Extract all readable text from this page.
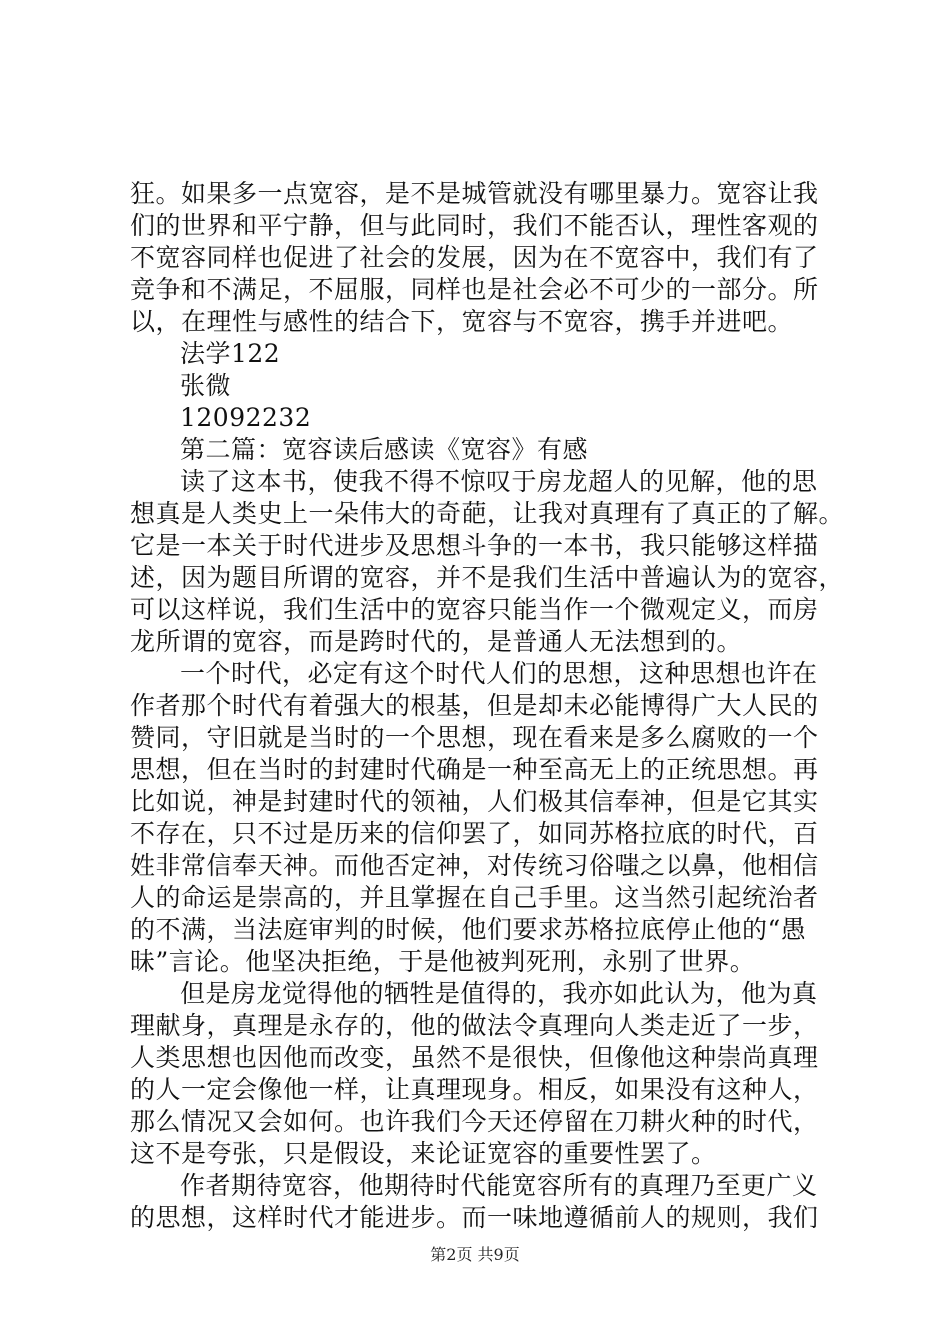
狂。如果多一点宽容，是不是城管就没有哪里暴力。宽容让我
们的世界和平宁静，但与此同时，我们不能否认，理性客观的
不宽容同样也促进了社会的发展，因为在不宽容中，我们有了
竞争和不满足，不屈服，同样也是社会必不可少的一部分。所
以，在理性与感性的结合下，宽容与不宽容，携手并进吧。
法学122
张微
12092232
第二篇：宽容读后感读《宽容》有感
读了这本书，使我不得不惊叹于房龙超人的见解，他的思
想真是人类史上一朵伟大的奇葩，让我对真理有了真正的了解。
它是一本关于时代进步及思想斗争的一本书，我只能够这样描
述，因为题目所谓的宽容，并不是我们生活中普遍认为的宽容，
可以这样说，我们生活中的宽容只能当作一个微观定义，而房
龙所谓的宽容，而是跨时代的，是普通人无法想到的。
一个时代，必定有这个时代人们的思想，这种思想也许在
作者那个时代有着强大的根基，但是却未必能博得广大人民的
赞同，守旧就是当时的一个思想，现在看来是多么腐败的一个
思想，但在当时的封建时代确是一种至高无上的正统思想。再
比如说，神是封建时代的领袖，人们极其信奉神，但是它其实
不存在，只不过是历来的信仰罢了，如同苏格拉底的时代，百
姓非常信奉天神。而他否定神，对传统习俗嗤之以鼻，他相信
人的命运是崇高的，并且掌握在自己手里。这当然引起统治者
的不满，当法庭审判的时候，他们要求苏格拉底停止他的“愚
昧”言论。他坚决拒绝，于是他被判死刑，永别了世界。
但是房龙觉得他的牺牲是值得的，我亦如此认为，他为真
理献身，真理是永存的，他的做法令真理向人类走近了一步，
人类思想也因他而改变，虽然不是很快，但像他这种崇尚真理
的人一定会像他一样，让真理现身。相反，如果没有这种人，
那么情况又会如何。也许我们今天还停留在刀耕火种的时代，
这不是夸张，只是假设，来论证宽容的重要性罢了。
作者期待宽容，他期待时代能宽容所有的真理乃至更广义
的思想，这样时代才能进步。而一味地遵循前人的规则，我们
第2页 共9页
